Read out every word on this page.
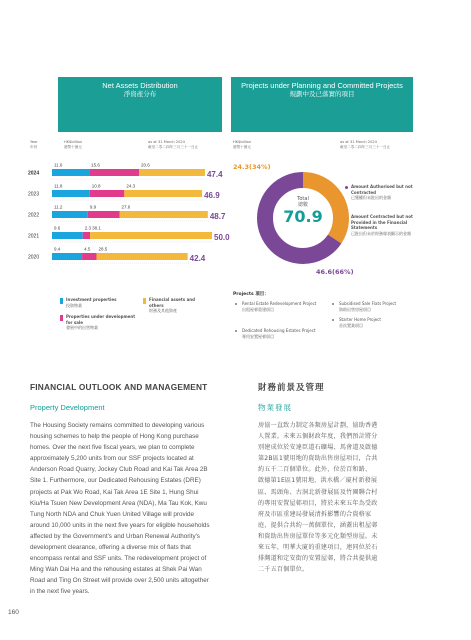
Net Assets Distribution
淨資產分布
Projects under Planning and Committed Projects
規劃中及已落實的項目
Year
年份
HK$billion
港幣十億元
as at 31 March 2024
截至二零二四年三月三十一日止
HK$billion
港幣十億元
as at 31 March 2024
截至二零二四年三月三十一日止
2024
11.6	15.6	20.6
47.4
2023
11.8	10.8	24.3
46.9
2022
11.2	9.9	27.6
48.7
2021
9.6	2.3 38.1
50.0
2020
9.4	4.5 28.5
42.4
Investment properties
投資物業
Financial assets and others
財務及其他資產
Properties under development for sale
發展中的出售物業
24.3(34%)
Total
總數
70.9
46.6(66%)
Amount Authorised but not Contracted
已獲權但未批出的金額
Amount Contracted but not Provided in the Financial Statements
已批出但未於財務報表顯示的金額
Projects 項目：
Rental Estate Redevelopment Project
出租屋邨重建項目
Dedicated Rehousing Estates Project
專用安置屋邨項目
Subsidised Sale Flats Project
資助出售房屋項目
Starter Home Project
首次置業項目
FINANCIAL OUTLOOK AND MANAGEMENT	財務前景及管理
Property Development	物業發展
The Housing Society remains committed to developing various
housing schemes to help the people of Hong Kong purchase
homes. Over the next five fiscal years, we plan to complete
approximately 5,200 units from our SSF projects located at
Anderson Road Quarry, Jockey Club Road and Kai Tak Area 2B
Site 1. Furthermore, our Dedicated Rehousing Estates (DRE)
projects at Pak Wo Road, Kai Tak Area 1E Site 1, Hung Shui
Kiu/Ha Tsuen New Development Area (NDA), Ma Tau Kok, Kwu
Tung North NDA and Chuk Yuen United Village will provide
around 10,000 units in the next five years for eligible households
affected by the Government's and Urban Renewal Authority's
development clearance, offering a diverse mix of flats that
encompass rental and SSF units. The redevelopment project of
Ming Wah Dai Ha and the rehousing estates at Shek Pai Wan
Road and Ting On Street will provide over 2,500 units altogether
in the next five years.
房協一直致力制定各類房屋計劃，協助香港
人置業。未來五個財政年度，我們預計將分
別建成位於安達臣道石礦場、馬會道及啟德
第2B區1號用地的資助出售房屋項目，合共
約五千二百個單位。此外，位於百和路、
啟德第1E區1號用地、洪水橋／廈村新發展
區、馬頭角、古洞北新發展區及竹園聯合村
的專用安置屋邨項目，將於未來五年為受政
府及市區重建局發展清拆影響的合資格家
庭，提供合共約一萬個單位，涵蓋出租屋邨
和資助出售房屋單位等多元化類型房屋。未
來五年，明華大廈的重建項目，連同位於石
排灣道和定安街的安置屋邨，將合共提供逾
二千五百個單位。
160
